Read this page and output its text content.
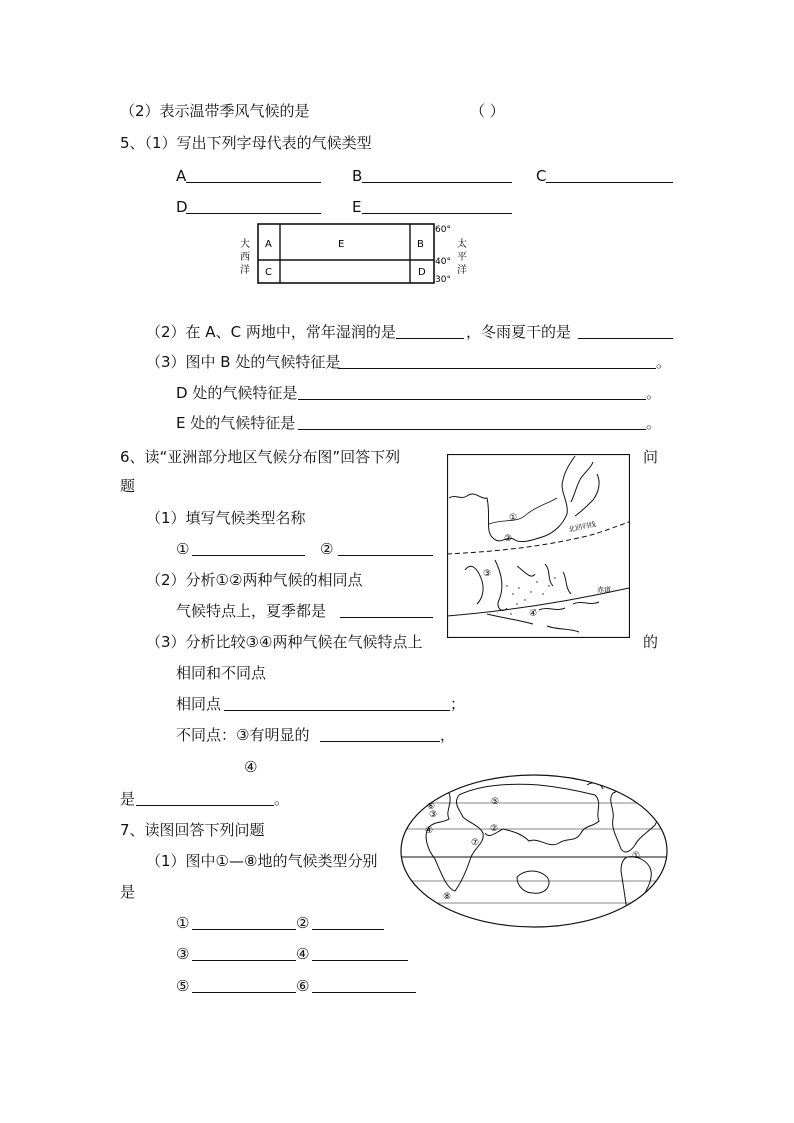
（2）表示温带季风气候的是	（ ）
5、（1）写出下列字母代表的气候类型
A	B	C
D	E
A	E	B
C	D
大
西
洋
太
平
洋
60°
40°
30°
（2）在 A、C 两地中，常年湿润的是	，冬雨夏干的是
（3）图中 B 处的气候特征是	。
D 处的气候特征是	。
E 处的气候特征是	。
6、读“亚洲部分地区气候分布图”回答下列	问
题
（1）填写气候类型名称
①	②
（2）分析①②两种气候的相同点
气候特点上，夏季都是
（3）分析比较③④两种气候在气候特点上	的
相同和不同点
相同点	；
不同点：③有明显的	，
④
是	。
北回归线
赤道
①
②
③
④
7、读图回答下列问题
（1）图中①—⑧地的气候类型分别
是
①	②
③	④
⑤	⑥
①
②
③
④
⑤
⑥
⑦
⑧
